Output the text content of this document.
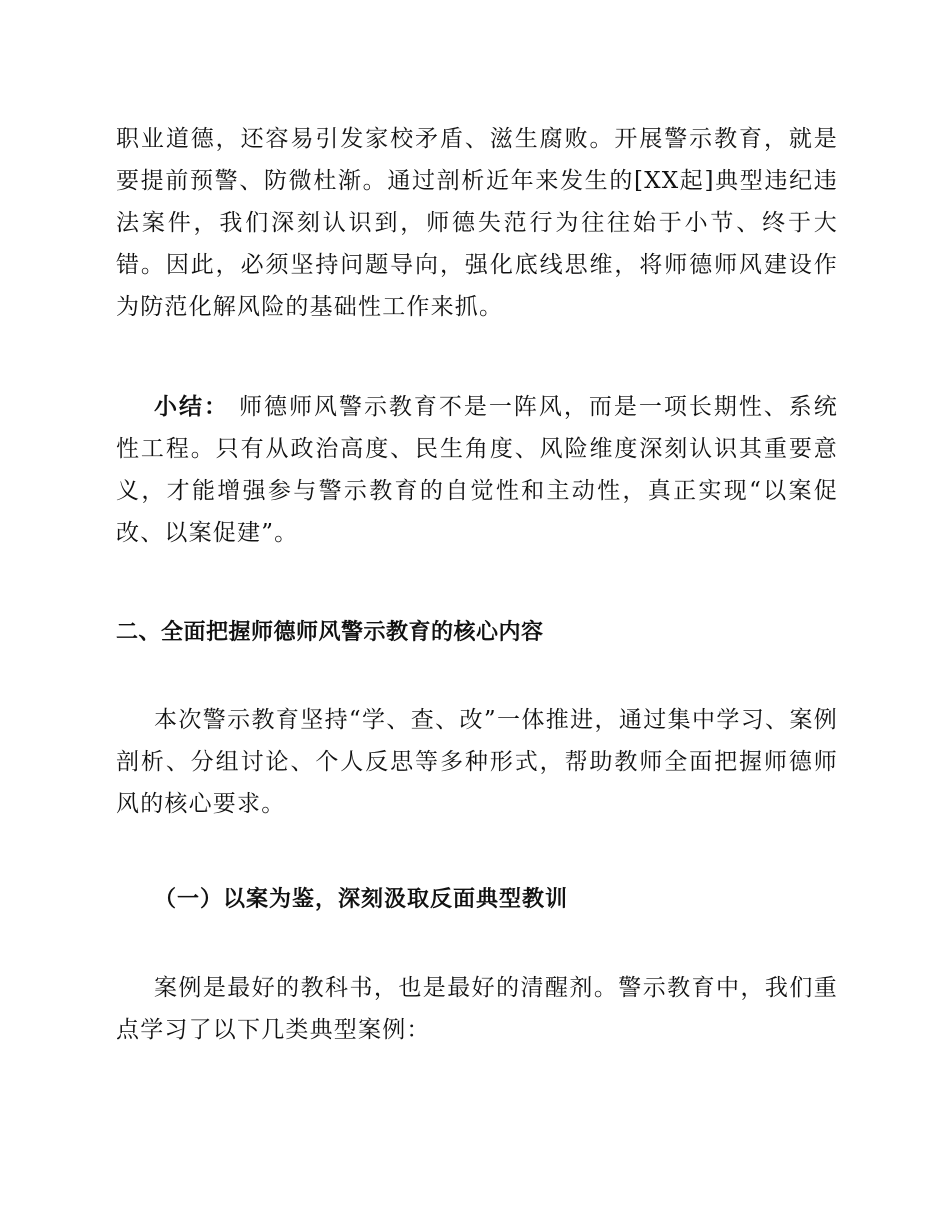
职业道德，还容易引发家校矛盾、滋生腐败。开展警示教育，就是要提前预警、防微杜渐。通过剖析近年来发生的[XX起]典型违纪违法案件，我们深刻认识到，师德失范行为往往始于小节、终于大错。因此，必须坚持问题导向，强化底线思维，将师德师风建设作为防范化解风险的基础性工作来抓。

小结： 师德师风警示教育不是一阵风，而是一项长期性、系统性工程。只有从政治高度、民生角度、风险维度深刻认识其重要意义，才能增强参与警示教育的自觉性和主动性，真正实现“以案促改、以案促建”。

二、全面把握师德师风警示教育的核心内容

本次警示教育坚持“学、查、改”一体推进，通过集中学习、案例剖析、分组讨论、个人反思等多种形式，帮助教师全面把握师德师风的核心要求。

（一）以案为鉴，深刻汲取反面典型教训

案例是最好的教科书，也是最好的清醒剂。警示教育中，我们重点学习了以下几类典型案例：
